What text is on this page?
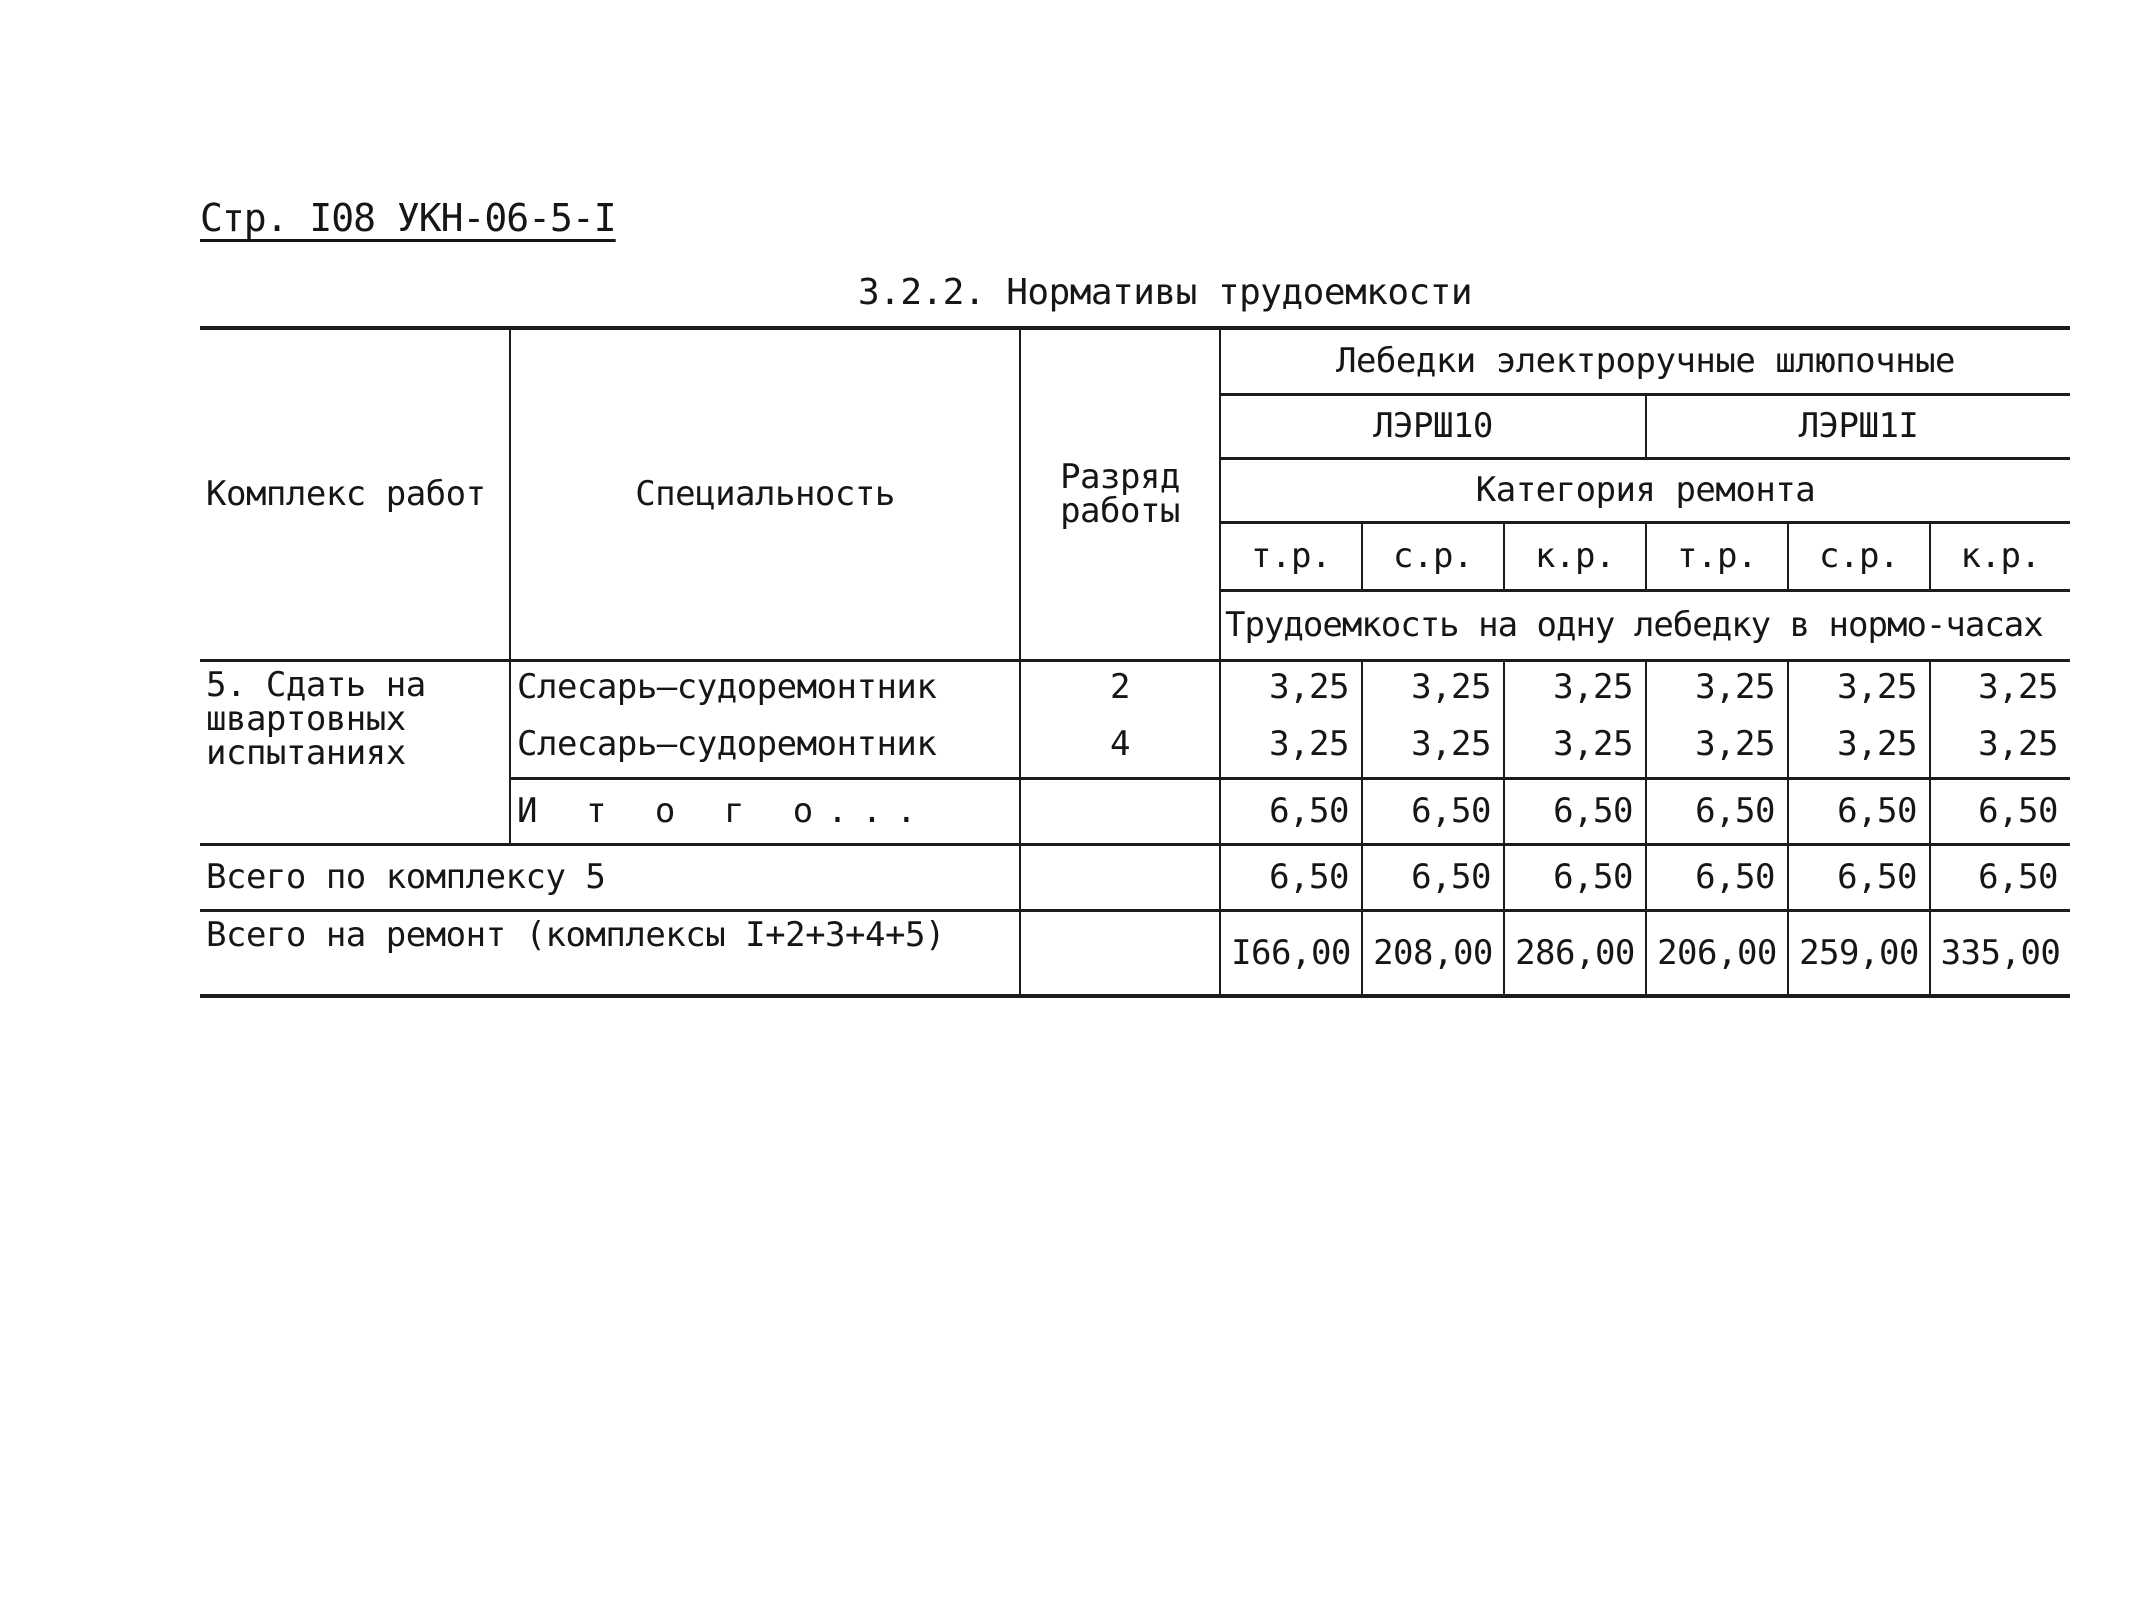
Стр. I08 УКН-06-5-I
3.2.2. Нормативы трудоемкости
Комплекс работ	Специальность	Разряд работы	Лебедки электроручные шлюпочные					
			ЛЭРШ10			ЛЭРШ1I		
			Категория ремонта					
			т.р.	с.р.	к.р.	т.р.	с.р.	к.р.
			Трудоемкость на одну лебедку в нормо-часах					
5. Сдать на швартовных испытаниях	Слесарь–судоремонтник	2	3,25	3,25	3,25	3,25	3,25	3,25
	Слесарь–судоремонтник	4	3,25	3,25	3,25	3,25	3,25	3,25
	И т о г о...		6,50	6,50	6,50	6,50	6,50	6,50
Всего по комплексу 5			6,50	6,50	6,50	6,50	6,50	6,50
Всего на ремонт (комплексы I+2+3+4+5)			I66,00	208,00	286,00	206,00	259,00	335,00
